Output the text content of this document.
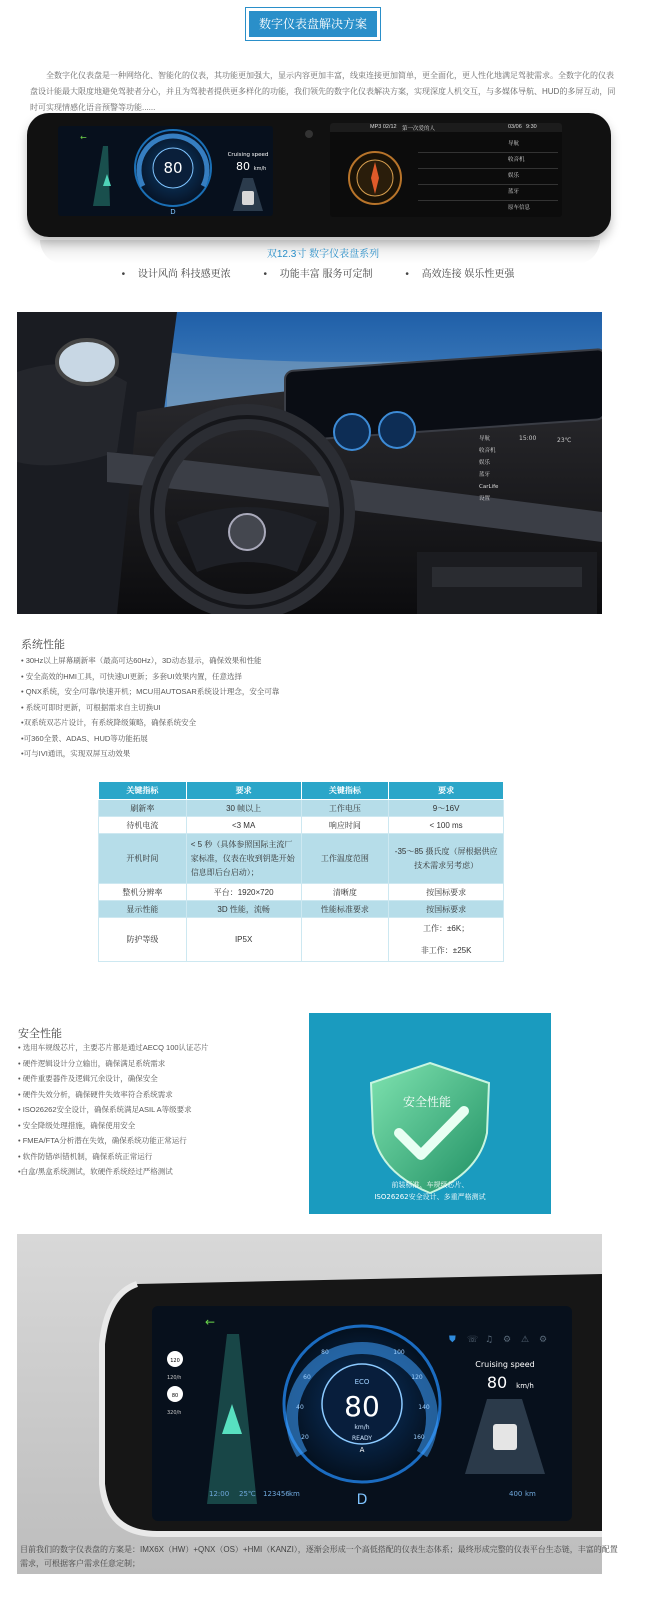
数字仪表盘解决方案
全数字化仪表盘是一种网络化、智能化的仪表，其功能更加强大，显示内容更加丰富，线束连接更加简单，更全面化，更人性化地满足驾驶需求。全数字化的仪表盘设计能最大限度地避免驾驶者分心，并且为驾驶者提供更多样化的功能，我们领先的数字化仪表解决方案，实现深度人机交互，与多媒体导航、HUD的多屏互动，同时可实现情感化语音预警等功能......
←
D
80
Cruising speed
80 km/h
MP3 02/12 第一次爱的人	03/06 9:30
导航
收音机
娱乐
蓝牙
原车信息
双12.3寸 数字仪表盘系列
• 设计风尚 科技感更浓	• 功能丰富 服务可定制	• 高效连接 娱乐性更强
15:00	23℃
导航
收音机
娱乐
蓝牙
CarLife
设置
系统性能
• 30Hz以上屏幕刷新率（最高可达60Hz），3D动态显示，确保效果和性能
• 安全高效的HMI工具，可快速UI更新；多套UI效果内置，任意选择
• QNX系统，安全/可靠/快速开机；MCU用AUTOSAR系统设计理念，安全可靠
• 系统可即时更新，可根据需求自主切换UI
•双系统双芯片设计，有系统降级策略，确保系统安全
•可360全景、ADAS、HUD等功能拓展
•可与IVI通讯，实现双屏互动效果
关键指标	要求	关键指标	要求
刷新率	30 帧以上	工作电压	9～16V
待机电流	<3 MA	响应时间	< 100 ms
开机时间	< 5 秒（具体参照国际主流厂家标准，仪表在收到钥匙开始信息即后台启动）；	工作温度范围	-35～85 摄氏度（屏根据供应技术需求另考虑）
整机分辨率	平台：1920×720	清晰度	按国标要求
显示性能	3D 性能，流畅	性能标准要求	按国标要求
防护等级	IP5X		工作：±6K；

非工作：±25K
安全性能
• 选用车规级芯片，主要芯片都是通过AECQ 100认证芯片
• 硬件逻辑设计分立输出，确保满足系统需求
• 硬件重要器件及逻辑冗余设计，确保安全
• 硬件失效分析，确保硬件失效率符合系统需求
• ISO26262安全设计，确保系统满足ASIL A等级要求
• 安全降级处理措施，确保使用安全
• FMEA/FTA分析潜在失效，确保系统功能正常运行
• 软件防错/纠错机制，确保系统正常运行
•白盒/黑盒系统测试，软硬件系统经过严格测试
安全性能
前装标准、车规级芯片、
ISO26262安全设计、多重严格测试
←
120
120/h
80
320/h
20
40
60
80	100
120
140
160
ECO
80
km/h
READY
A
D
⛊ ☏ ♫ ⚙ ⚠ ⚙
Cruising speed
80 km/h
12:00 25℃ 123456 km	400 km
目前我们的数字仪表盘的方案是：IMX6X（HW）+QNX（OS）+HMI（KANZI），逐渐会形成一个高低搭配的仪表生态体系；最终形成完整的仪表平台生态链，丰富的配置需求，可根据客户需求任意定制；
